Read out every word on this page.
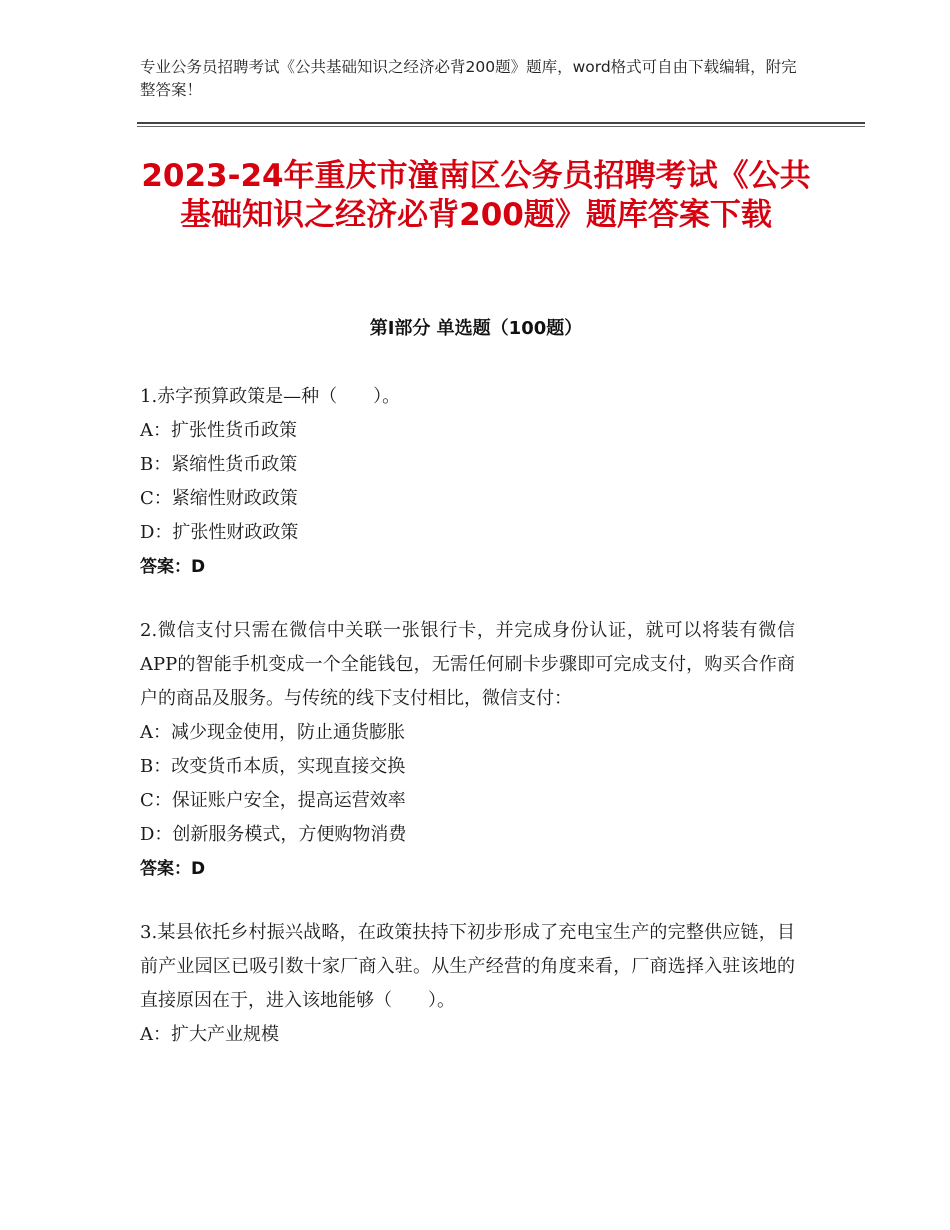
专业公务员招聘考试《公共基础知识之经济必背200题》题库，word格式可自由下载编辑，附完整答案！
2023-24年重庆市潼南区公务员招聘考试《公共基础知识之经济必背200题》题库答案下载
第Ⅰ部分 单选题（100题）

1.赤字预算政策是—种（　　）。

A：扩张性货币政策

B：紧缩性货币政策

C：紧缩性财政政策

D：扩张性财政政策

答案：D

2.微信支付只需在微信中关联一张银行卡，并完成身份认证，就可以将装有微信APP的智能手机变成一个全能钱包，无需任何刷卡步骤即可完成支付，购买合作商户的商品及服务。与传统的线下支付相比，微信支付：

A：减少现金使用，防止通货膨胀

B：改变货币本质，实现直接交换

C：保证账户安全，提高运营效率

D：创新服务模式，方便购物消费

答案：D

3.某县依托乡村振兴战略，在政策扶持下初步形成了充电宝生产的完整供应链，目前产业园区已吸引数十家厂商入驻。从生产经营的角度来看，厂商选择入驻该地的直接原因在于，进入该地能够（　　）。

A：扩大产业规模
